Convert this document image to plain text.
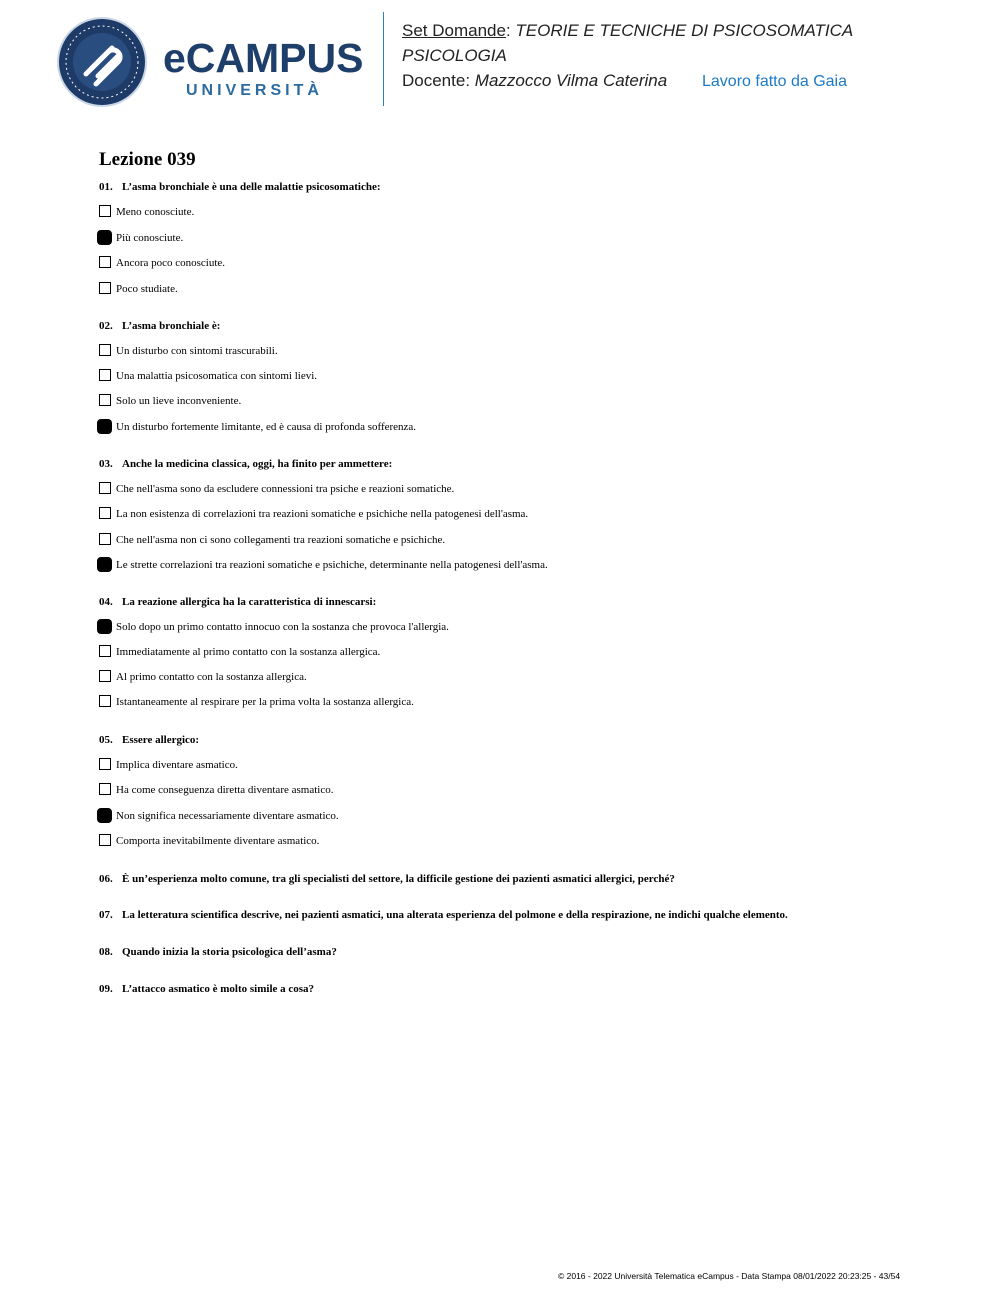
eCAMPUS
UNIVERSITÀ
Set Domande: TEORIE E TECNICHE DI PSICOSOMATICA
PSICOLOGIA
Docente: Mazzocco Vilma Caterina Lavoro fatto da Gaia
Lezione 039
01. L’asma bronchiale è una delle malattie psicosomatiche:
Meno conosciute.
Più conosciute.
Ancora poco conosciute.
Poco studiate.
02. L’asma bronchiale è:
Un disturbo con sintomi trascurabili.
Una malattia psicosomatica con sintomi lievi.
Solo un lieve inconveniente.
Un disturbo fortemente limitante, ed è causa di profonda sofferenza.
03. Anche la medicina classica, oggi, ha finito per ammettere:
Che nell'asma sono da escludere connessioni tra psiche e reazioni somatiche.
La non esistenza di correlazioni tra reazioni somatiche e psichiche nella patogenesi dell'asma.
Che nell'asma non ci sono collegamenti tra reazioni somatiche e psichiche.
Le strette correlazioni tra reazioni somatiche e psichiche, determinante nella patogenesi dell'asma.
04. La reazione allergica ha la caratteristica di innescarsi:
Solo dopo un primo contatto innocuo con la sostanza che provoca l'allergia.
Immediatamente al primo contatto con la sostanza allergica.
Al primo contatto con la sostanza allergica.
Istantaneamente al respirare per la prima volta la sostanza allergica.
05. Essere allergico:
Implica diventare asmatico.
Ha come conseguenza diretta diventare asmatico.
Non significa necessariamente diventare asmatico.
Comporta inevitabilmente diventare asmatico.
06. È un’esperienza molto comune, tra gli specialisti del settore, la difficile gestione dei pazienti asmatici allergici, perché?
07. La letteratura scientifica descrive, nei pazienti asmatici, una alterata esperienza del polmone e della respirazione, ne indichi qualche elemento.
08. Quando inizia la storia psicologica dell’asma?
09. L’attacco asmatico è molto simile a cosa?
© 2016 - 2022 Università Telematica eCampus - Data Stampa 08/01/2022 20:23:25 - 43/54
